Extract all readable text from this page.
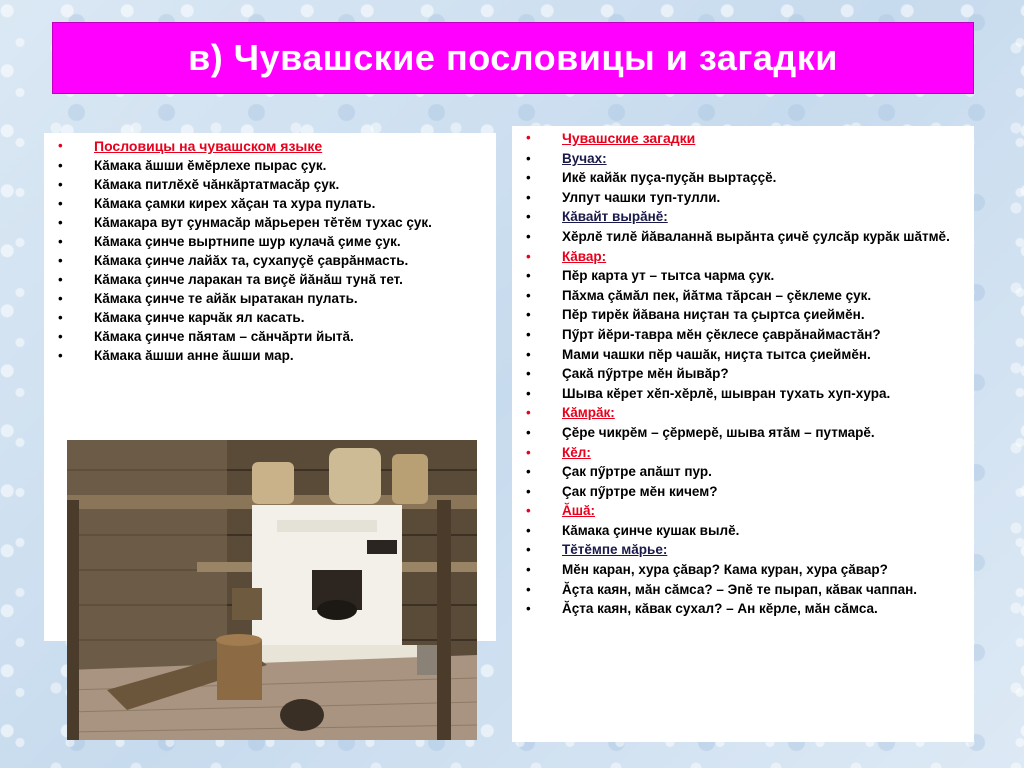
в) Чувашские пословицы и загадки
• Пословицы на чувашском языке
• Кăмака ăшши ĕмĕрлехе пырас çук.
• Кăмака питлĕхĕ чăнкăртатмасăр çук.
• Кăмака çамки кирех хăçан та хура пулать.
• Кăмакара вут çунмасăр мăрьерен тĕтĕм тухас çук.
• Кăмака çинче выртнипе шур кулачă çиме çук.
• Кăмака çинче лайăх та, сухапуçĕ çаврăнмасть.
• Кăмака çинче ларакан та виçĕ йăнăш тунă тет.
• Кăмака çинче те айăк ыратакан пулать.
• Кăмака çинче карчăк ял касать.
• Кăмака çинче пăятам – сăнчăрти йытă.
• Кăмака ăшши анне ăшши мар.
• Чувашские загадки
• Вучах:
• Икĕ кайăк пуçа-пуçăн выртаççĕ.
• Улпут чашки туп-тулли.
• Кăвайт вырăнĕ:
• Хĕрлĕ тилĕ йăваланнă вырăнта çичĕ çулсăр курăк шăтмĕ.
• Кăвар:
• Пĕр карта ут – тытса чарма çук.
• Пăхма çăмăл пек, йăтма тăрсан – çĕклеме çук.
• Пĕр тирĕк йăвана ниçтан та çыртса çиеймĕн.
• Пӳрт йĕри-тавра мĕн çĕклесе çаврăнаймастăн?
• Мами чашки пĕр чашăк, ниçта тытса çиеймĕн.
• Çакă пӳртре мĕн йывăр?
• Шыва кĕрет хĕп-хĕрлĕ, шывран тухать хуп-хура.
• Кăмрăк:
• Çĕре чикрĕм – çĕрмерĕ, шыва ятăм – путмарĕ.
• Кĕл:
• Çак пӳртре апăшт пур.
• Çак пӳртре мĕн кичем?
• Ăшă:
• Кăмака çинче кушак вылĕ.
• Тĕтĕмпе мăрье:
• Мĕн каран, хура çăвар? Кама куран, хура çăвар?
• Ăçта каян, мăн сăмса? – Эпĕ те пырап, кăвак чаппан.
• Ăçта каян, кăвак сухал? – Ан кĕрле, мăн сăмса.
